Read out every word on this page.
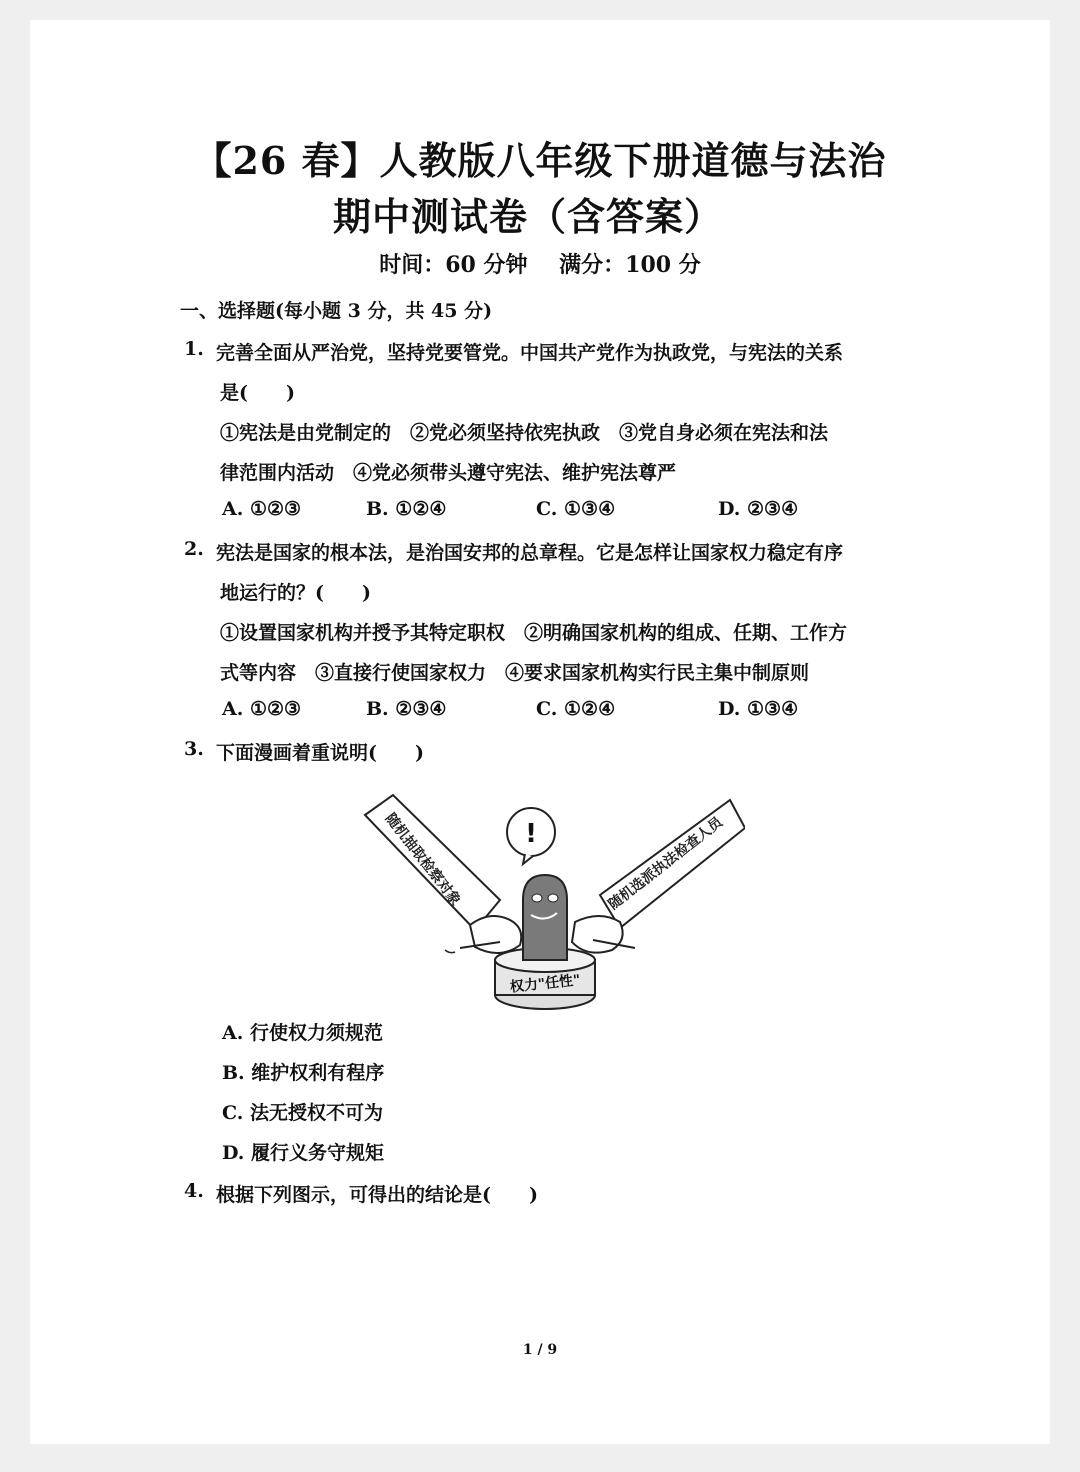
【26 春】人教版八年级下册道德与法治
期中测试卷（含答案）
时间：60 分钟 满分：100 分
一、选择题(每小题 3 分，共 45 分)
1. 完善全面从严治党，坚持党要管党。中国共产党作为执政党，与宪法的关系
是(　　)
①宪法是由党制定的　②党必须坚持依宪执政　③党自身必须在宪法和法
律范围内活动　④党必须带头遵守宪法、维护宪法尊严
A. ①②③	B. ①②④	C. ①③④	D. ②③④
2. 宪法是国家的根本法，是治国安邦的总章程。它是怎样让国家权力稳定有序
地运行的？(　　)
①设置国家机构并授予其特定职权　②明确国家机构的组成、任期、工作方
式等内容　③直接行使国家权力　④要求国家机构实行民主集中制原则
A. ①②③	B. ②③④	C. ①②④	D. ①③④
3. 下面漫画着重说明(　　)
随机抽取检察对象	随机选派执法检查人员
权力"任性"
!
A. 行使权力须规范
B. 维护权利有程序
C. 法无授权不可为
D. 履行义务守规矩
4. 根据下列图示，可得出的结论是(　　)
1 / 9
